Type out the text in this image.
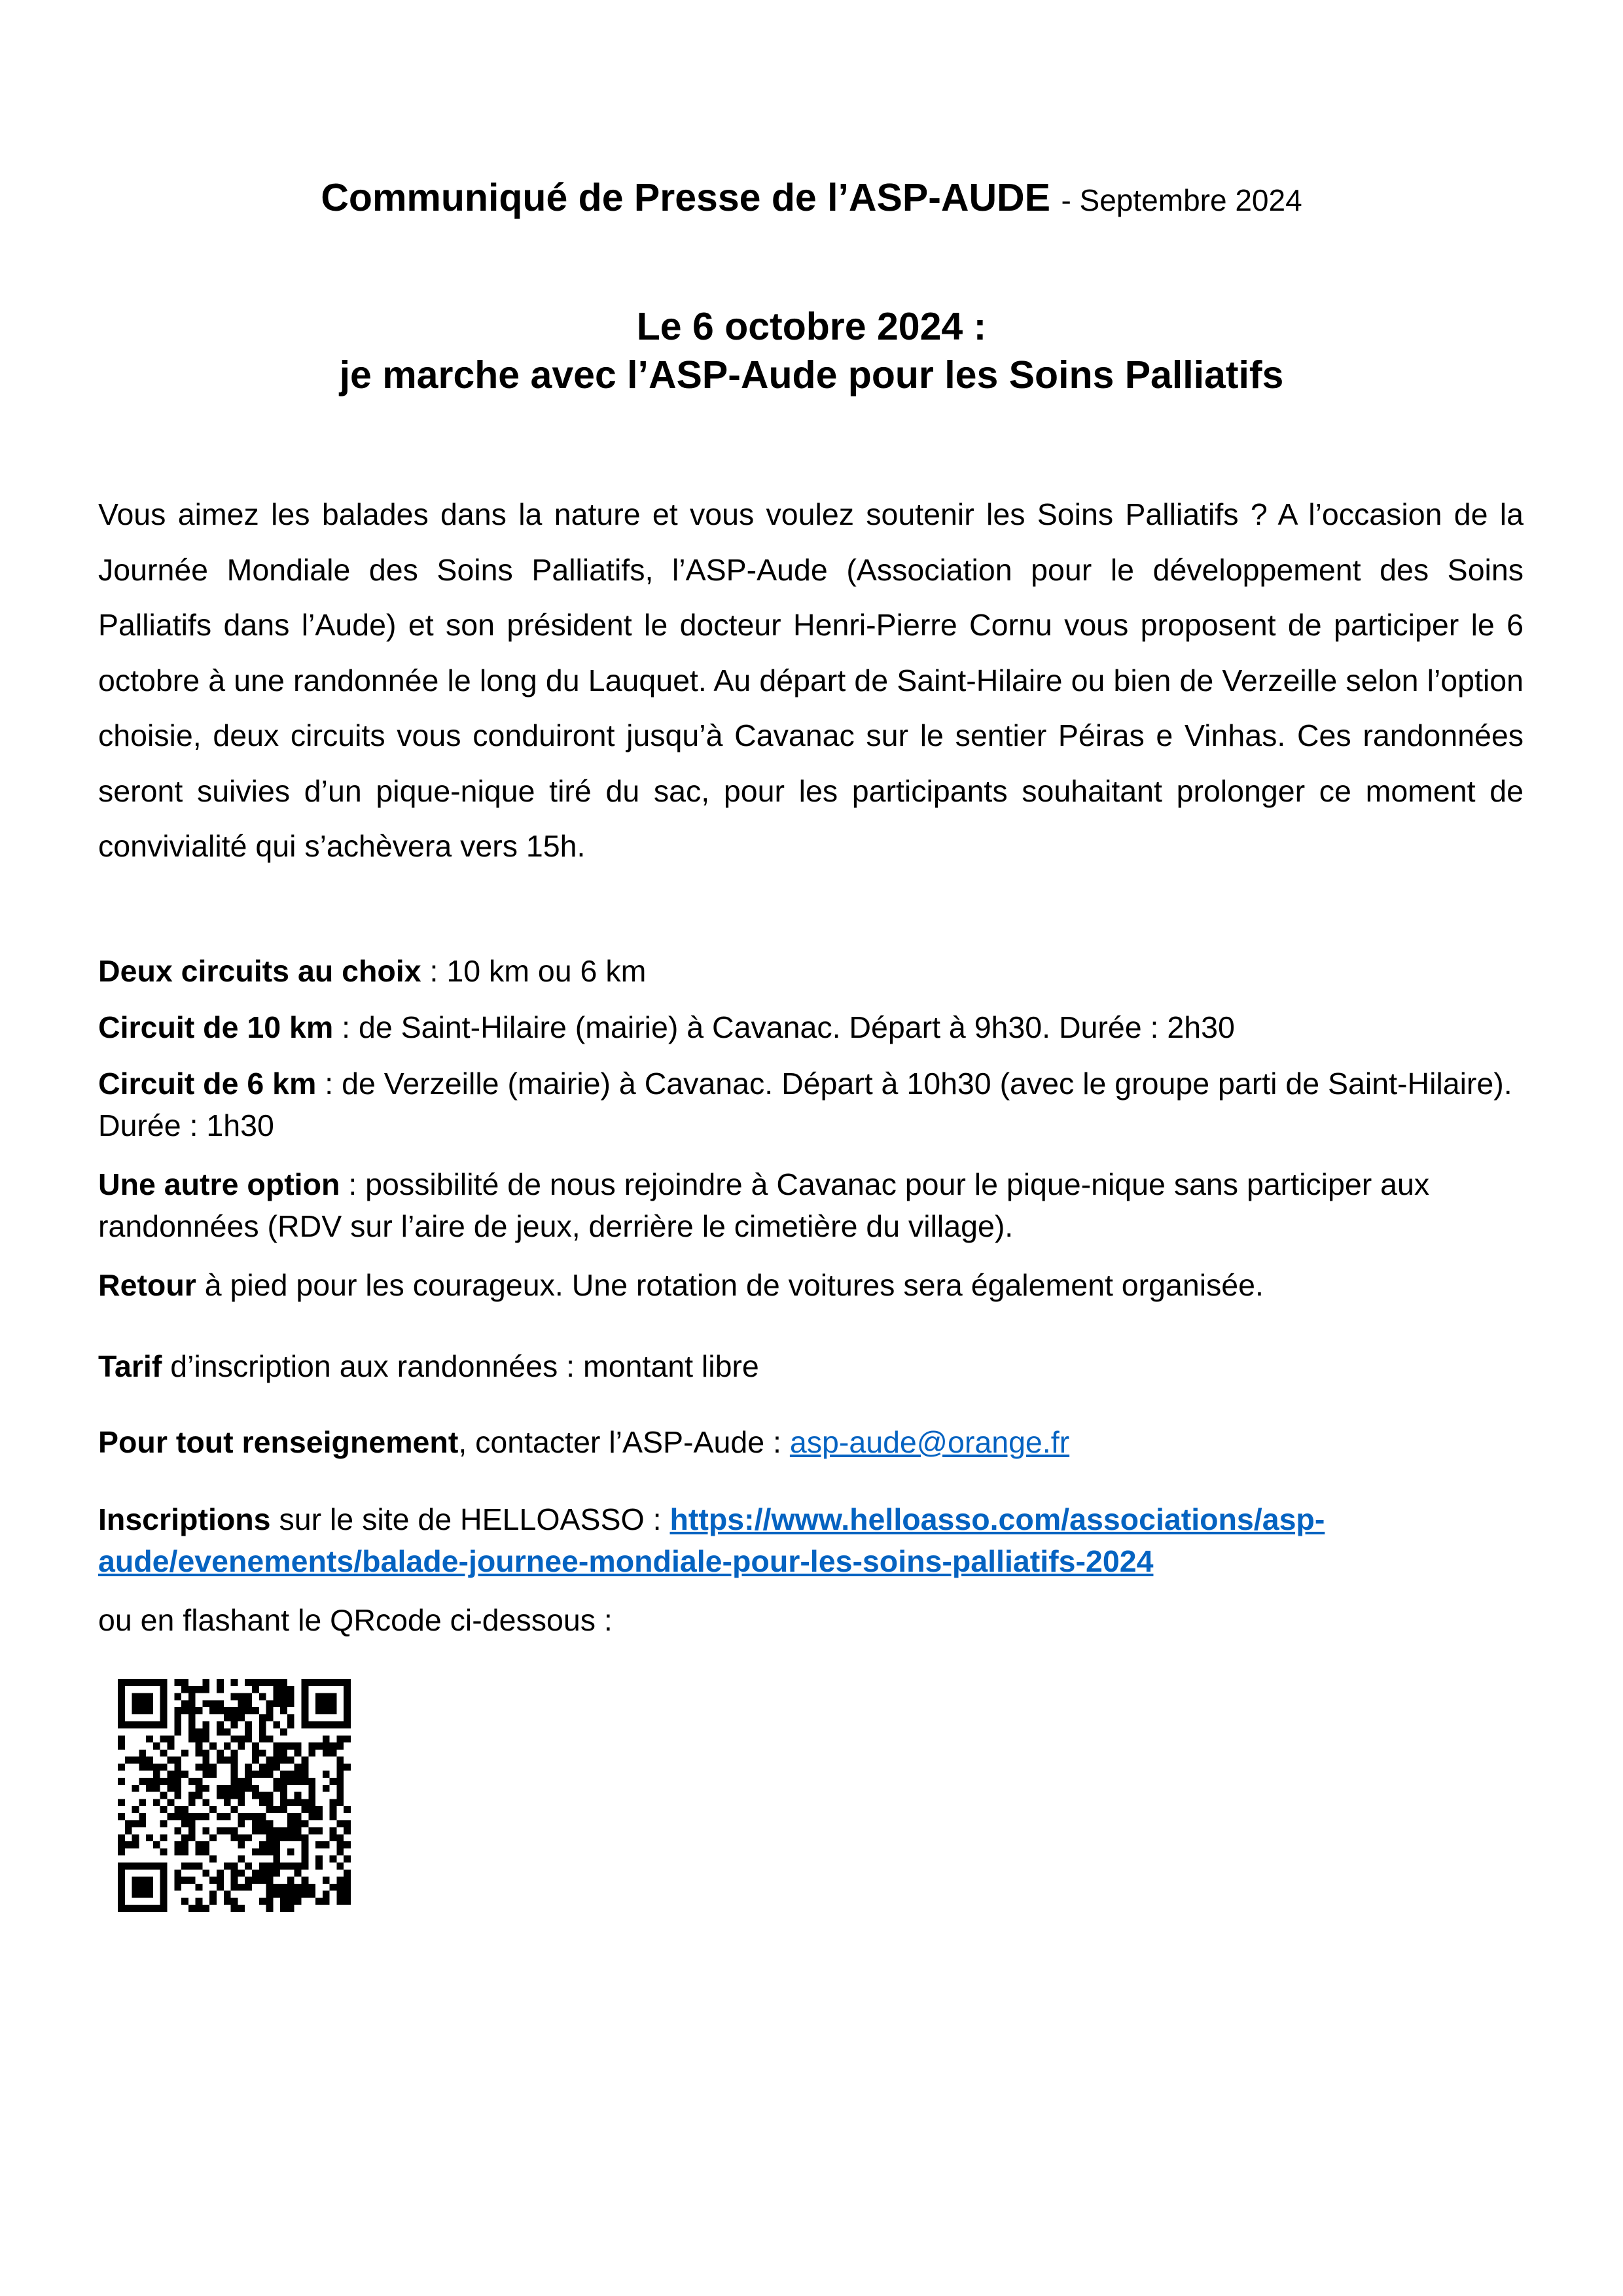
Communiqué de Presse de l’ASP-AUDE - Septembre 2024
Le 6 octobre 2024 :
je marche avec l’ASP-Aude pour les Soins Palliatifs
Vous aimez les balades dans la nature et vous voulez soutenir les Soins Palliatifs ? A l’occasion de la Journée Mondiale des Soins Palliatifs, l’ASP-Aude (Association pour le développement des Soins Palliatifs dans l’Aude) et son président le docteur Henri-Pierre Cornu vous proposent de participer le 6 octobre à une randonnée le long du Lauquet. Au départ de Saint-Hilaire ou bien de Verzeille selon l’option choisie, deux circuits vous conduiront jusqu’à Cavanac sur le sentier Péiras e Vinhas. Ces randonnées seront suivies d’un pique-nique tiré du sac, pour les participants souhaitant prolonger ce moment de convivialité qui s’achèvera vers 15h.
Deux circuits au choix : 10 km ou 6 km
Circuit de 10 km : de Saint-Hilaire (mairie) à Cavanac. Départ à 9h30. Durée : 2h30
Circuit de 6 km : de Verzeille (mairie) à Cavanac. Départ à 10h30 (avec le groupe parti de Saint-Hilaire). Durée : 1h30
Une autre option : possibilité de nous rejoindre à Cavanac pour le pique-nique sans participer aux randonnées (RDV sur l’aire de jeux, derrière le cimetière du village).
Retour à pied pour les courageux. Une rotation de voitures sera également organisée.
Tarif d’inscription aux randonnées : montant libre
Pour tout renseignement, contacter l’ASP-Aude : asp-aude@orange.fr
Inscriptions sur le site de HELLOASSO : https://www.helloasso.com/associations/asp-
aude/evenements/balade-journee-mondiale-pour-les-soins-palliatifs-2024
ou en flashant le QRcode ci-dessous :
